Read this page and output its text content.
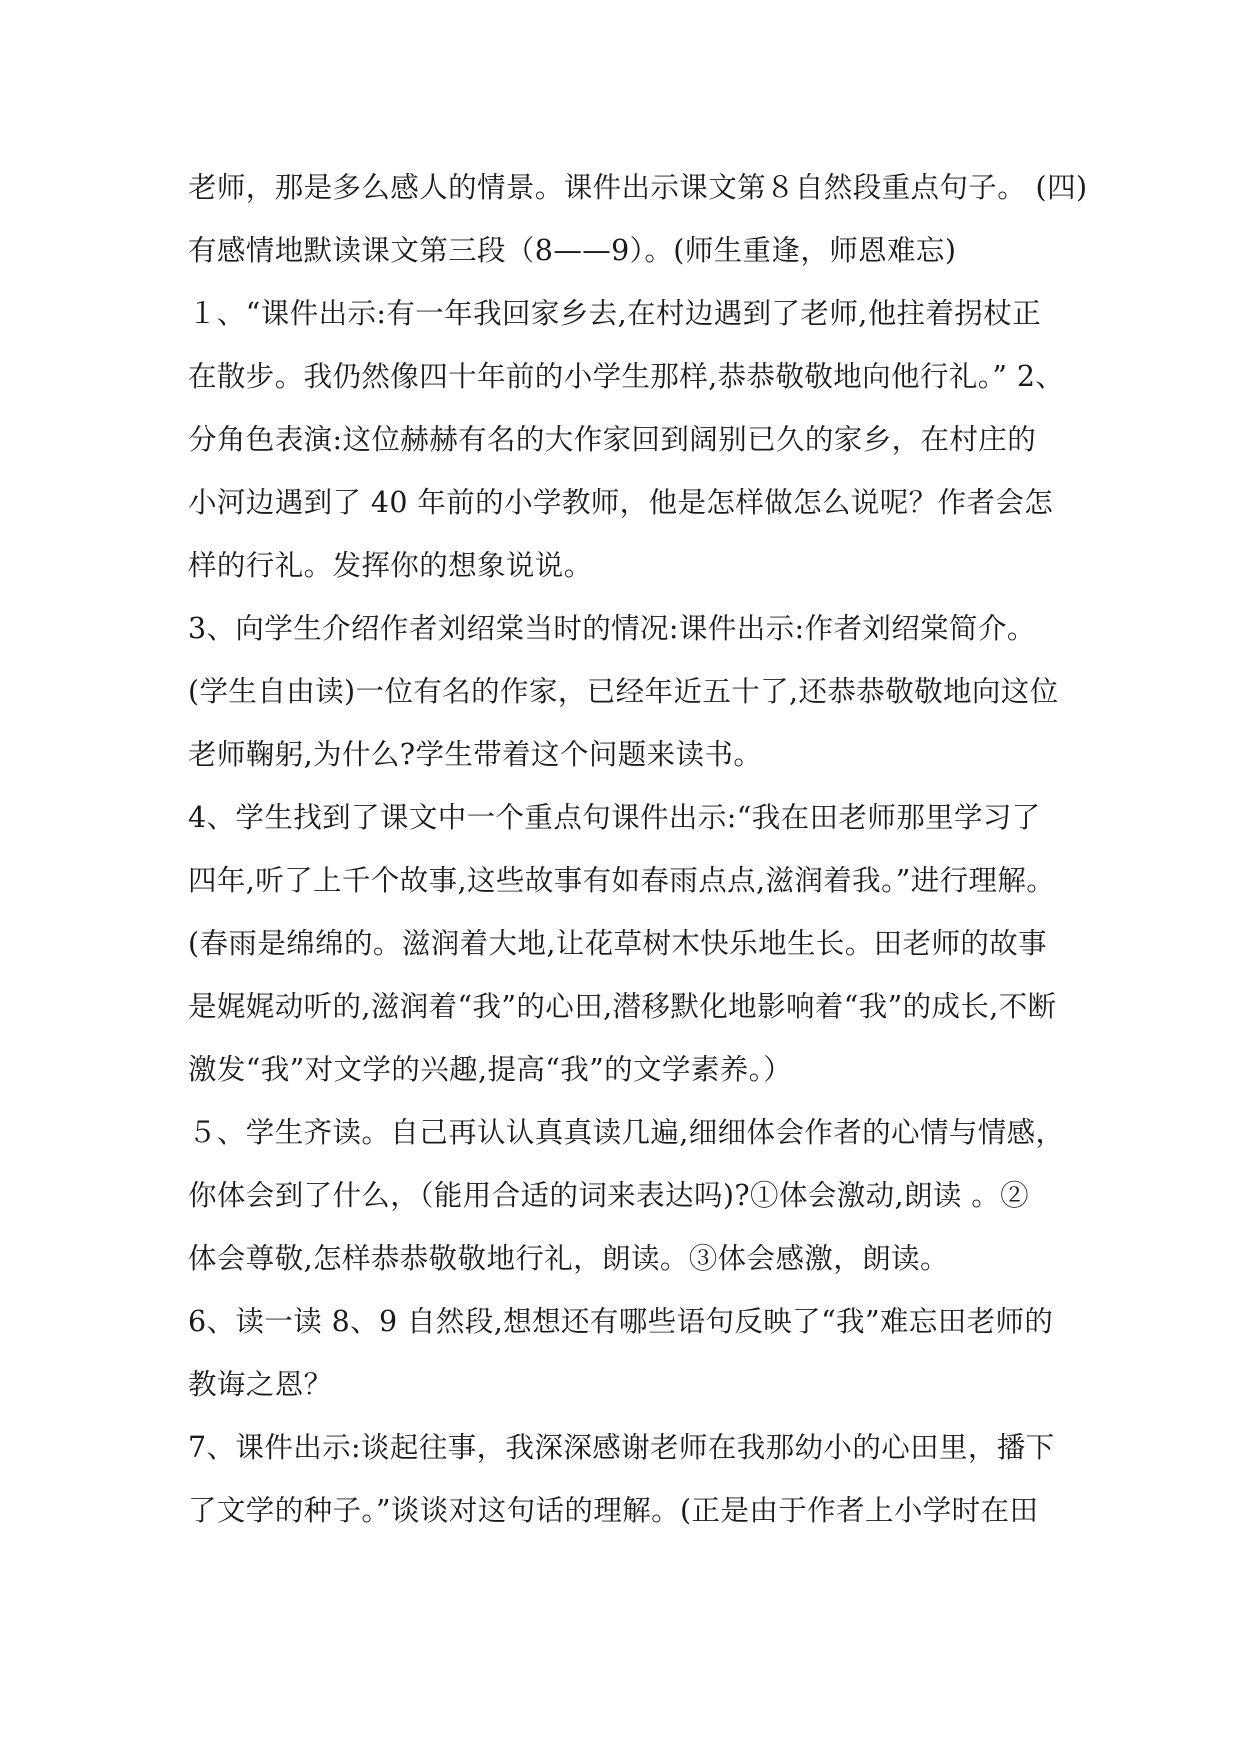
老师，那是多么感人的情景。课件出示课文第８自然段重点句子。 (四)
有感情地默读课文第三段（8——9）。(师生重逢，师恩难忘)
１、“课件出示:有一年我回家乡去,在村边遇到了老师,他拄着拐杖正
在散步。我仍然像四十年前的小学生那样,恭恭敬敬地向他行礼。” 2、
分角色表演:这位赫赫有名的大作家回到阔别已久的家乡，在村庄的
小河边遇到了 40 年前的小学教师，他是怎样做怎么说呢？作者会怎
样的行礼。发挥你的想象说说。
3、向学生介绍作者刘绍棠当时的情况:课件出示:作者刘绍棠简介。
(学生自由读)一位有名的作家，已经年近五十了,还恭恭敬敬地向这位
老师鞠躬,为什么?学生带着这个问题来读书。
4、学生找到了课文中一个重点句课件出示:“我在田老师那里学习了
四年,听了上千个故事,这些故事有如春雨点点,滋润着我。”进行理解。
(春雨是绵绵的。滋润着大地,让花草树木快乐地生长。田老师的故事
是娓娓动听的,滋润着“我”的心田,潜移默化地影响着“我”的成长,不断
激发“我”对文学的兴趣,提高“我”的文学素养。）
５、学生齐读。自己再认认真真读几遍,细细体会作者的心情与情感，
你体会到了什么，（能用合适的词来表达吗)?①体会激动,朗读 。②
体会尊敬,怎样恭恭敬敬地行礼，朗读。③体会感激，朗读。
6、读一读 8、9 自然段,想想还有哪些语句反映了“我”难忘田老师的
教诲之恩？
7、课件出示:谈起往事，我深深感谢老师在我那幼小的心田里，播下
了文学的种子。”谈谈对这句话的理解。(正是由于作者上小学时在田
